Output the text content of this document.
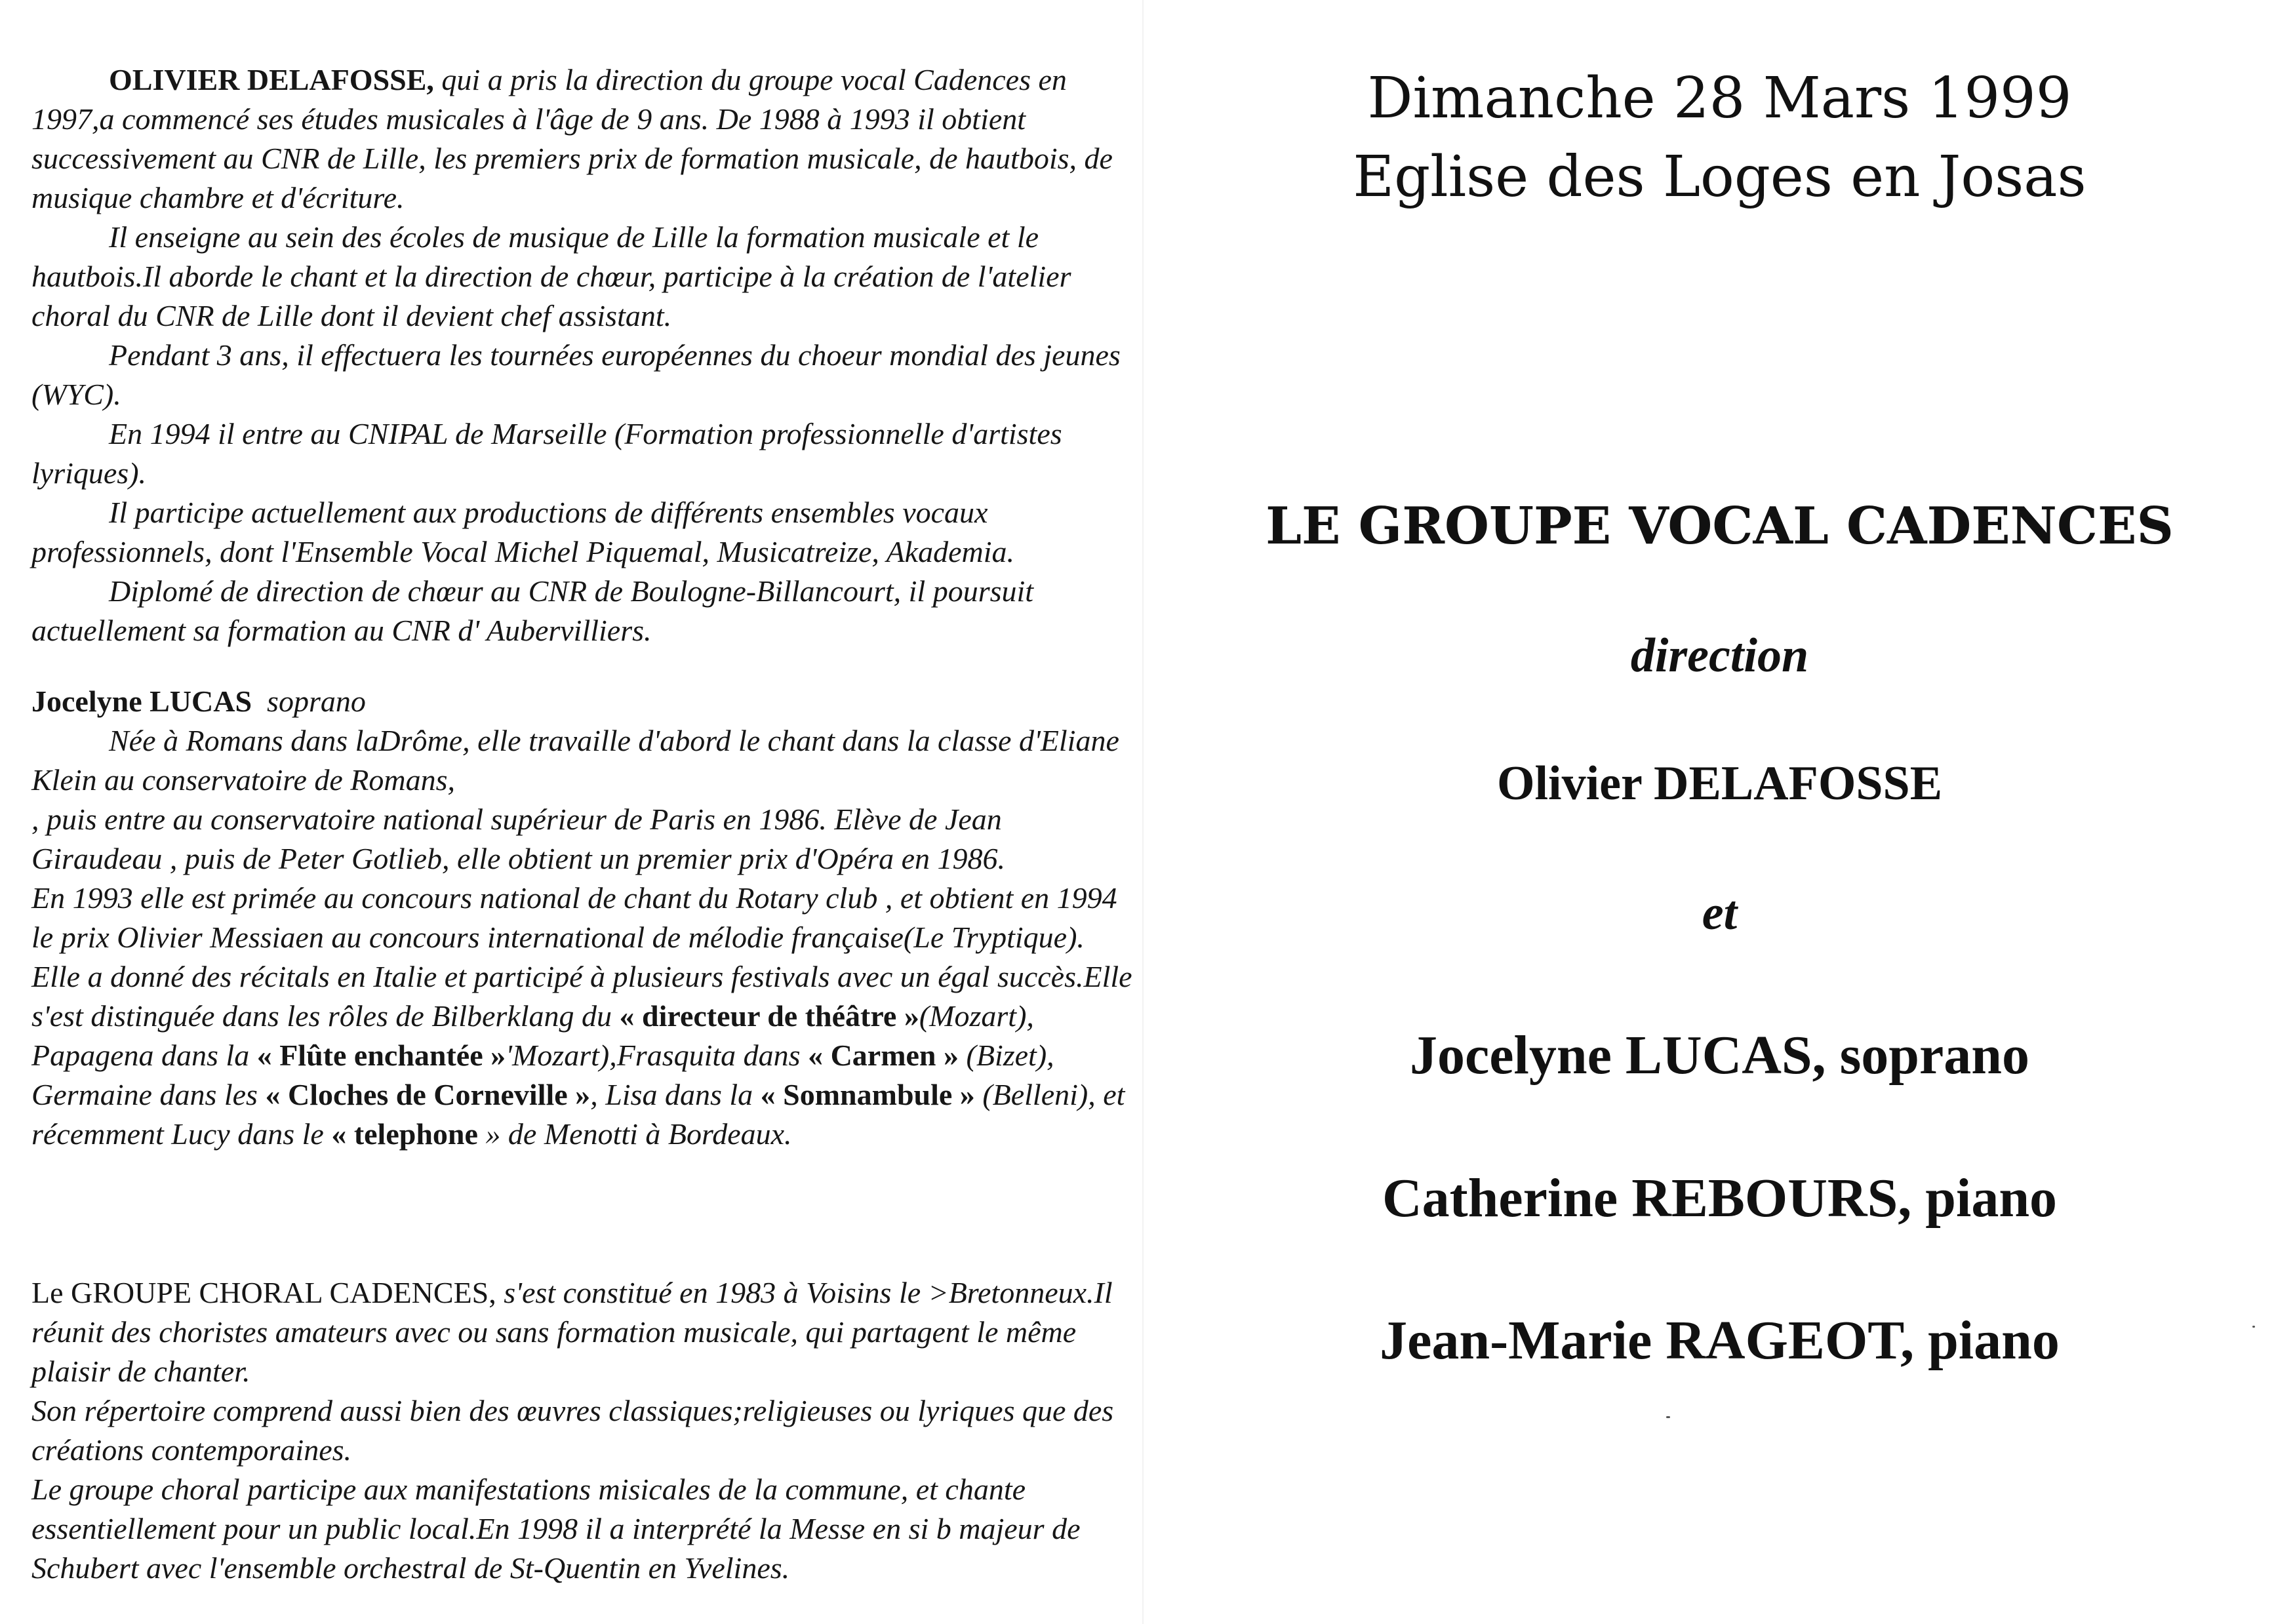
OLIVIER DELAFOSSE, qui a pris la direction du groupe vocal Cadences en 1997,a commencé ses études musicales à l'âge de 9 ans. De 1988 à 1993 il obtient successivement au CNR de Lille, les premiers prix de formation musicale, de hautbois, de musique chambre et d'écriture.

Il enseigne au sein des écoles de musique de Lille la formation musicale et le hautbois.Il aborde le chant et la direction de chœur, participe à la création de l'atelier choral du CNR de Lille dont il devient chef assistant.

Pendant 3 ans, il effectuera les tournées européennes du choeur mondial des jeunes (WYC).

En 1994 il entre au CNIPAL de Marseille (Formation professionnelle d'artistes lyriques).

Il participe actuellement aux productions de différents ensembles vocaux professionnels, dont l'Ensemble Vocal Michel Piquemal, Musicatreize, Akademia.

Diplomé de direction de chœur au CNR de Boulogne-Billancourt, il poursuit actuellement sa formation au CNR d' Aubervilliers.

Jocelyne LUCAS soprano

Née à Romans dans laDrôme, elle travaille d'abord le chant dans la classe d'Eliane Klein au conservatoire de Romans,

, puis entre au conservatoire national supérieur de Paris en 1986. Elève de Jean Giraudeau , puis de Peter Gotlieb, elle obtient un premier prix d'Opéra en 1986.

En 1993 elle est primée au concours national de chant du Rotary club , et obtient en 1994 le prix Olivier Messiaen au concours international de mélodie française(Le Tryptique).

Elle a donné des récitals en Italie et participé à plusieurs festivals avec un égal succès.Elle s'est distinguée dans les rôles de Bilberklang du « directeur de théâtre »(Mozart), Papagena dans la « Flûte enchantée »'Mozart),Frasquita dans « Carmen » (Bizet), Germaine dans les « Cloches de Corneville », Lisa dans la « Somnambule » (Belleni), et récemment Lucy dans le « telephone » de Menotti à Bordeaux.

Le GROUPE CHORAL CADENCES, s'est constitué en 1983 à Voisins le >Bretonneux.Il réunit des choristes amateurs avec ou sans formation musicale, qui partagent le même plaisir de chanter.

Son répertoire comprend aussi bien des œuvres classiques;religieuses ou lyriques que des créations contemporaines.

Le groupe choral participe aux manifestations misicales de la commune, et chante essentiellement pour un public local.En 1998 il a interprété la Messe en si b majeur de Schubert avec l'ensemble orchestral de St-Quentin en Yvelines.

Dimanche 28 Mars 1999
Eglise des Loges en Josas
LE GROUPE VOCAL CADENCES
direction
Olivier DELAFOSSE
et
Jocelyne LUCAS, soprano
Catherine REBOURS, piano
Jean-Marie RAGEOT, piano
